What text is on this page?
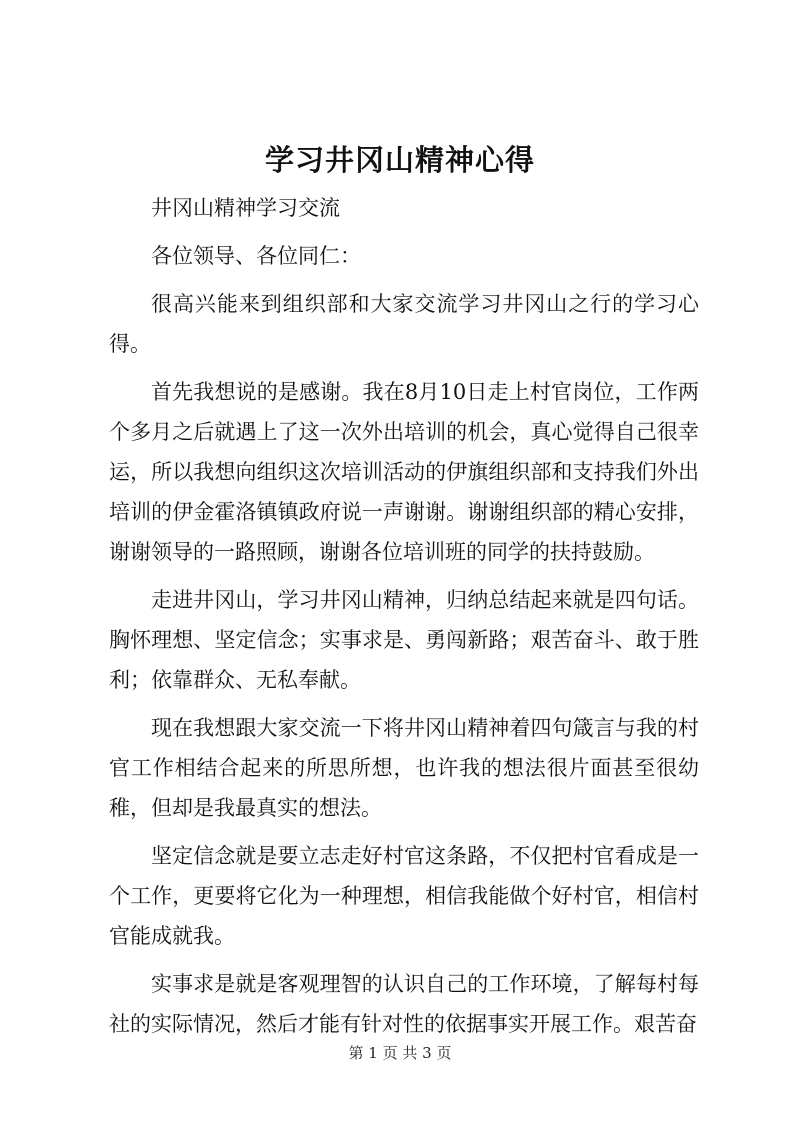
学习井冈山精神心得

井冈山精神学习交流

各位领导、各位同仁：

很高兴能来到组织部和大家交流学习井冈山之行的学习心得。

首先我想说的是感谢。我在8月10日走上村官岗位，工作两个多月之后就遇上了这一次外出培训的机会，真心觉得自己很幸运，所以我想向组织这次培训活动的伊旗组织部和支持我们外出培训的伊金霍洛镇镇政府说一声谢谢。谢谢组织部的精心安排，谢谢领导的一路照顾，谢谢各位培训班的同学的扶持鼓励。

走进井冈山，学习井冈山精神，归纳总结起来就是四句话。胸怀理想、坚定信念；实事求是、勇闯新路；艰苦奋斗、敢于胜利；依靠群众、无私奉献。

现在我想跟大家交流一下将井冈山精神着四句箴言与我的村官工作相结合起来的所思所想，也许我的想法很片面甚至很幼稚，但却是我最真实的想法。

坚定信念就是要立志走好村官这条路，不仅把村官看成是一个工作，更要将它化为一种理想，相信我能做个好村官，相信村官能成就我。

实事求是就是客观理智的认识自己的工作环境，了解每村每社的实际情况，然后才能有针对性的依据事实开展工作。艰苦奋

第 1 页 共 3 页
